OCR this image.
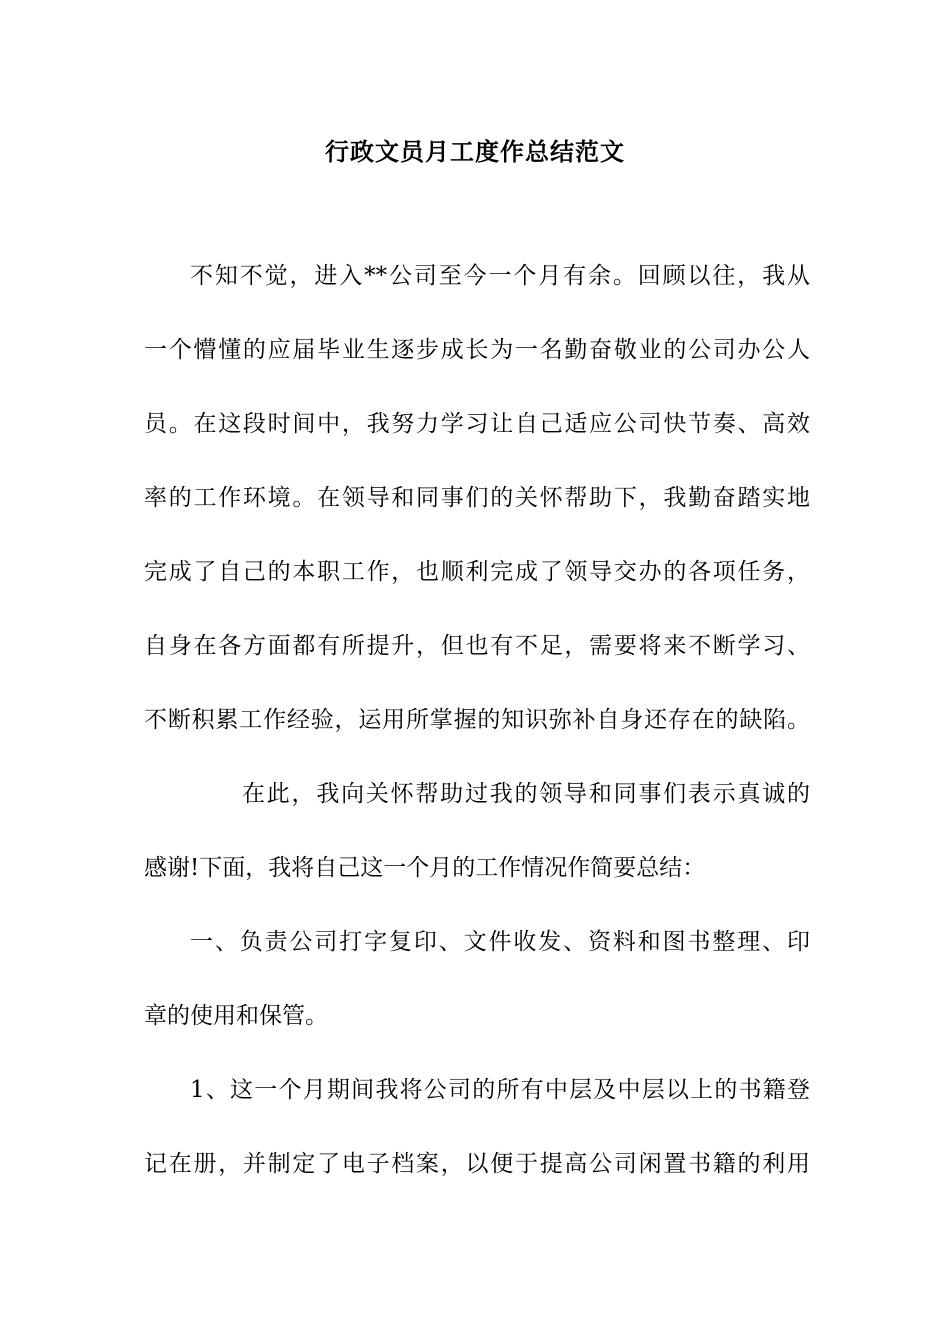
行政文员月工度作总结范文
不知不觉，进入**公司至今一个月有余。回顾以往，我从
一个懵懂的应届毕业生逐步成长为一名勤奋敬业的公司办公人
员。在这段时间中，我努力学习让自己适应公司快节奏、高效
率的工作环境。在领导和同事们的关怀帮助下，我勤奋踏实地
完成了自己的本职工作，也顺利完成了领导交办的各项任务，
自身在各方面都有所提升，但也有不足，需要将来不断学习、
不断积累工作经验，运用所掌握的知识弥补自身还存在的缺陷。
在此，我向关怀帮助过我的领导和同事们表示真诚的
感谢!下面，我将自己这一个月的工作情况作简要总结：
一、负责公司打字复印、文件收发、资料和图书整理、印
章的使用和保管。
1、这一个月期间我将公司的所有中层及中层以上的书籍登
记在册，并制定了电子档案，以便于提高公司闲置书籍的利用
